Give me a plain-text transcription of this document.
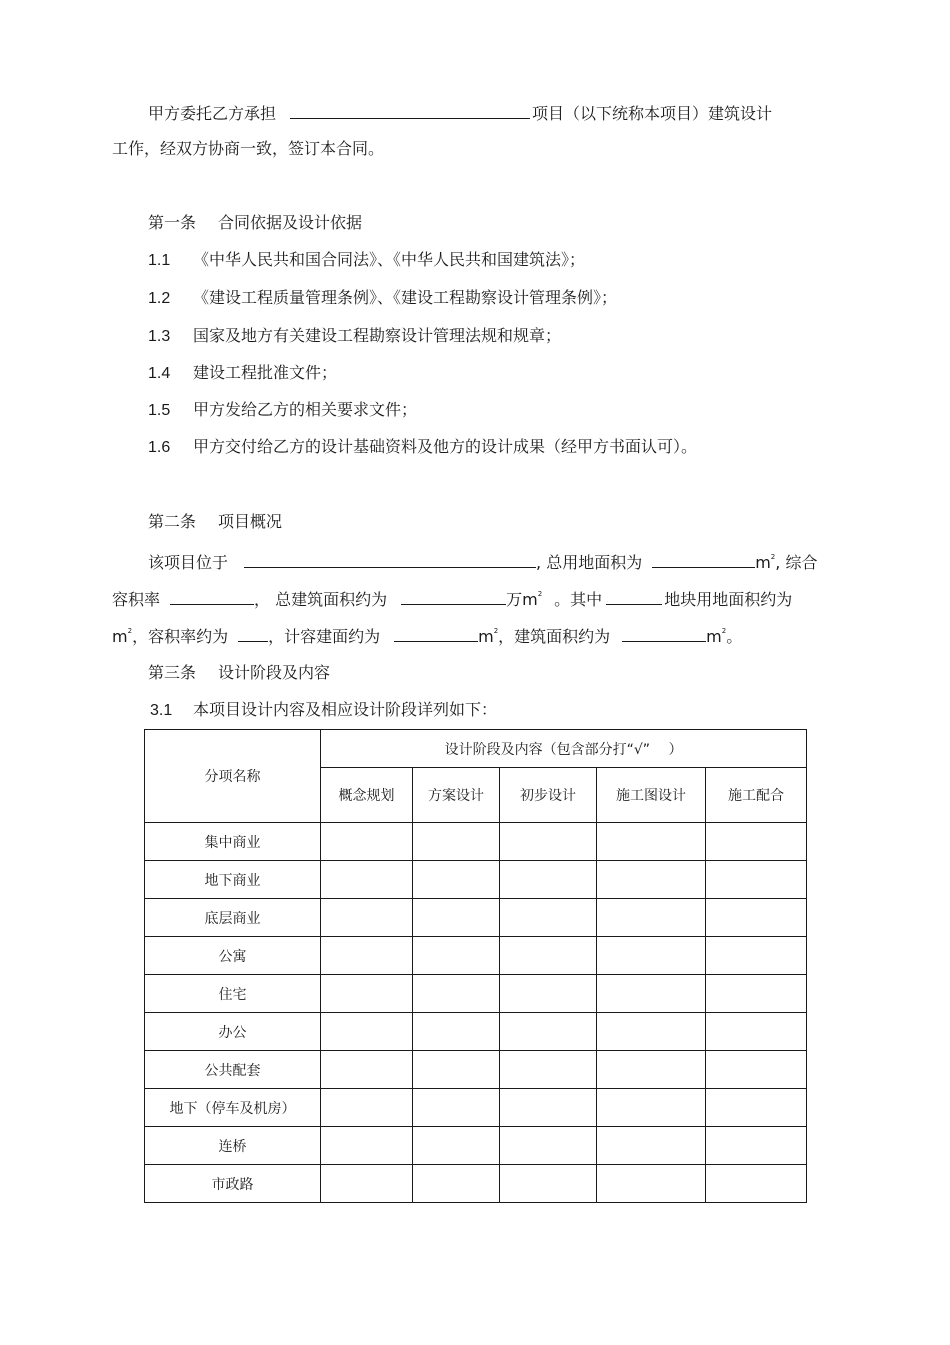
甲方委托乙方承担	项目（以下统称本项目）建筑设计
工作，经双方协商一致，签订本合同。
第一条 合同依据及设计依据
1.1 《中华人民共和国合同法》、《中华人民共和国建筑法》；
1.2 《建设工程质量管理条例》、《建设工程勘察设计管理条例》；
1.3 国家及地方有关建设工程勘察设计管理法规和规章；
1.4 建设工程批准文件；
1.5 甲方发给乙方的相关要求文件；
1.6 甲方交付给乙方的设计基础资料及他方的设计成果（经甲方书面认可）。
第二条 项目概况
该项目位于	, 总用地面积为	$m^2$, 综合
容积率	， 总建筑面积约为	万$m^2$ 。其中	地块用地面积约为
$m^2$，容积率约为	，计容建面约为	$m^2$，建筑面积约为	$m^2$。
第三条 设计阶段及内容
3.1 本项目设计内容及相应设计阶段详列如下：
分项名称	设计阶段及内容（包含部分打“√”　 ）				
	概念规划	方案设计	初步设计	施工图设计	施工配合
集中商业					
地下商业					
底层商业					
公寓					
住宅					
办公					
公共配套					
地下（停车及机房）					
连桥					
市政路					
